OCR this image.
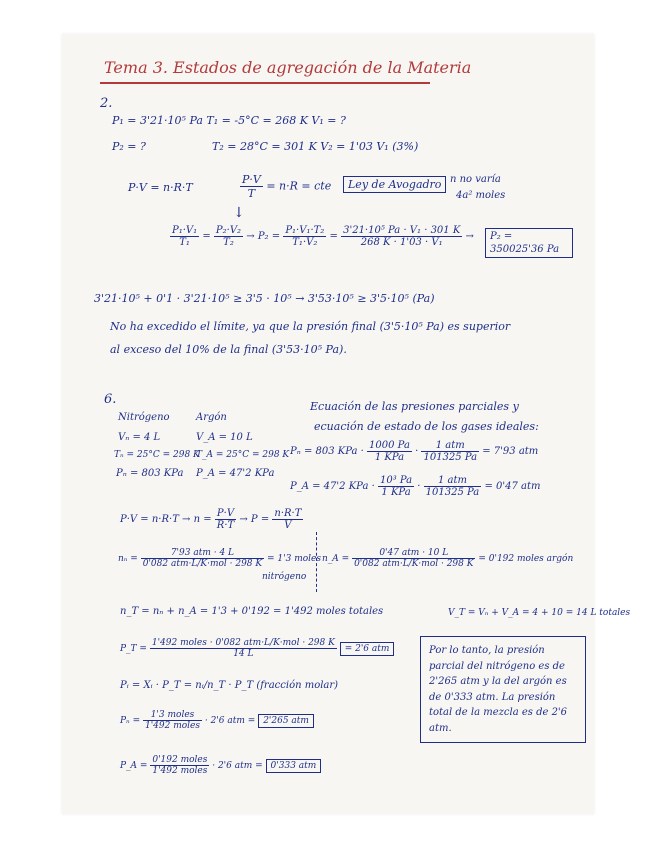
Tema 3. Estados de agregación de la Materia
2.
P₁ = 3'21·10⁵ Pa T₁ = -5°C = 268 K V₁ = ?
P₂ = ?	T₂ = 28°C = 301 K V₂ = 1'03 V₁ (3%)
P·V = n·R·T	$\frac{P\cdot V}{T} = n\cdot R$ = cte	Ley de Avogadro n no varía
4a² moles
↓
$\frac{\text{P₁·V₁}}{\text{T₁}} = \frac{\text{P₂·V₂}}{\text{T₂}} \to P_2 = \frac{\text{P₁·V₁·T₂}}{\text{T₁·V₂}} = \frac{\text{3'21·10⁵ Pa · V₁ · 301 K}}{\text{268 K · 1'03 · V₁}}$ →	P₂ = 350025'36 Pa
3'21·10⁵ + 0'1 · 3'21·10⁵ ≥ 3'5 · 10⁵ → 3'53·10⁵ ≥ 3'5·10⁵ (Pa)
No ha excedido el límite, ya que la presión final (3'5·10⁵ Pa) es superior
al exceso del 10% de la final (3'53·10⁵ Pa).
6.
Nitrógeno	Argón
Vₙ = 4 L	V_A = 10 L
Tₙ = 25°C = 298 K
T_A = 25°C = 298 K
Pₙ = 803 KPa P_A = 47'2 KPa
Ecuación de las presiones parciales y
ecuación de estado de los gases ideales:
Pₙ = 803 KPa · $\frac{1000 Pa}{\text{1 KPa}} \cdot \frac{\text{1 atm}}{101325 Pa} = 7'93$ atm
P_A = 47'2 KPa · $\frac{\text{10³ Pa}}{\text{1 KPa}} \cdot \frac{\text{1 atm}}{101325 Pa} = 0'47$ atm
$P\cdot V = n\cdot R\cdot T \to n = \frac{P\cdot V}{R\cdot T} \to P = \frac{n\cdot R\cdot T}{V}$
$n_n = \frac{\text{7'93 atm · 4 L}}{\text{0'082 atm·L/K·mol · 298 K}} = 1'3$ moles
nitrógeno
n_A = $\frac{\text{0'47 atm · 10 L}}{\text{0'082 atm·L/K·mol · 298 K}} = 0'192$ moles argón
n_T = nₙ + n_A = 1'3 + 0'192 = 1'492 moles totales	V_T = Vₙ + V_A = 4 + 10 = 14 L totales
P_T = $\frac{\text{1'492 moles · 0'082 atm·L/K·mol · 298 K}}{14 L} = 2'6$ atm
Pᵢ = Xᵢ · P_T = nᵢ/n_T · P_T (fracción molar)
$P_n = \frac{\text{1'3 moles}}{\text{1'492 moles}} \cdot 2'6$ atm = 2'265 atm
P_A = $\frac{\text{0'192 moles}}{\text{1'492 moles}} \cdot 2'6$ atm = 0'333 atm
Por lo tanto, la presión parcial del nitrógeno es de 2'265 atm y la del argón es de 0'333 atm. La presión total de la mezcla es de 2'6 atm.
